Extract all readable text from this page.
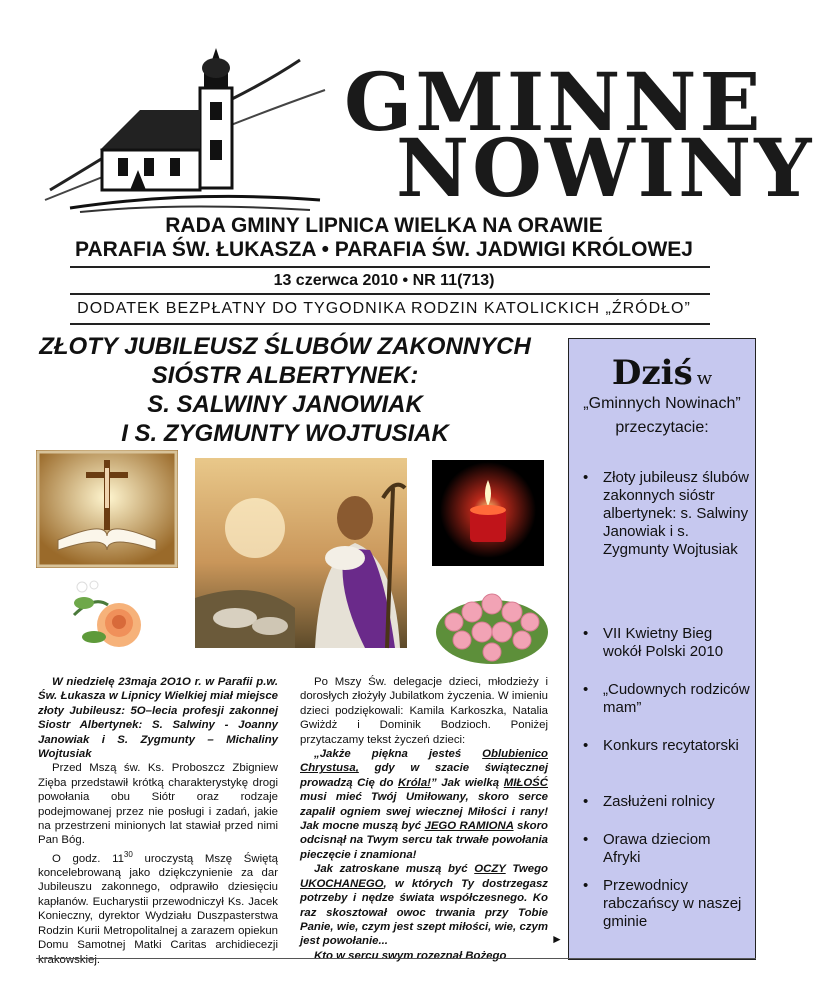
GMINNE
NOWINY
RADA GMINY LIPNICA WIELKA NA ORAWIE
PARAFIA ŚW. ŁUKASZA • PARAFIA ŚW. JADWIGI KRÓLOWEJ
13 czerwca 2010 • NR 11(713)
DODATEK BEZPŁATNY DO TYGODNIKA RODZIN KATOLICKICH „ŹRÓDŁO”
ZŁOTY JUBILEUSZ ŚLUBÓW ZAKONNYCH
SIÓSTR ALBERTYNEK:
S. SALWINY JANOWIAK
I S. ZYGMUNTY WOJTUSIAK

W niedzielę 23maja 2O1O r. w Parafii p.w. Św. Łukasza w Lipnicy Wielkiej miał miejsce złoty Jubileusz: 5O–lecia profesji zakonnej Siostr Albertynek: S. Salwiny - Joanny Janowiak i S. Zygmunty – Michaliny Wojtusiak

Przed Mszą św. Ks. Proboszcz Zbigniew Zięba przedstawił krótką charakterystykę drogi powołania obu Siótr oraz rodzaje podejmowanej przez nie posługi i zadań, jakie na przestrzeni minionych lat stawiał przed nimi Pan Bóg.

O godz. $11^{30}$ uroczystą Mszę Świętą koncelebrowaną jako dziękczynienie za dar Jubileuszu zakonnego, odprawiło dziesięciu kapłanów. Eucharystii przewodniczył Ks. Jacek Konieczny, dyrektor Wydziału Duszpasterstwa Rodzin Kurii Metropolitalnej a zarazem opiekun Domu Samotnej Matki Caritas archidiecezji krakowskiej.

Po Mszy Św. delegacje dzieci, młodzieży i dorosłych złożyły Jubilatkom życzenia. W imieniu dzieci podziękowali: Kamila Karkoszka, Natalia Gwiżdż i Dominik Bodzioch. Poniżej przytaczamy tekst życzeń dzieci:

„Jakże piękna jesteś Oblubienico Chrystusa, gdy w szacie świątecznej prowadzą Cię do Króla!” Jak wielką MIŁOŚĆ musi mieć Twój Umiłowany, skoro serce zapalił ogniem swej wiecznej Miłości i rany! Jak mocne muszą być JEGO RAMIONA skoro odcisnął na Twym sercu tak trwałe powołania pieczęcie i znamiona!

Jak zatroskane muszą być OCZY Twego UKOCHANEGO, w których Ty dostrzegasz potrzeby i nędze świata współczesnego. Ko raz skosztował owoc trwania przy Tobie Panie, wie, czym jest szept miłości, wie, czym jest powołanie...

Kto w sercu swym rozeznał Bożego

►
Dziś w
„Gminnych Nowinach”
przeczytacie:
• Złoty jubileusz ślubów zakonnych sióstr albertynek: s. Salwiny Janowiak i s. Zygmunty Wojtusiak
• VII Kwietny Bieg wokół Polski 2010
• „Cudownych rodziców mam”
• Konkurs recytatorski
• Zasłużeni rolnicy
• Orawa dzieciom Afryki
• Przewodnicy rabczańscy w naszej gminie
